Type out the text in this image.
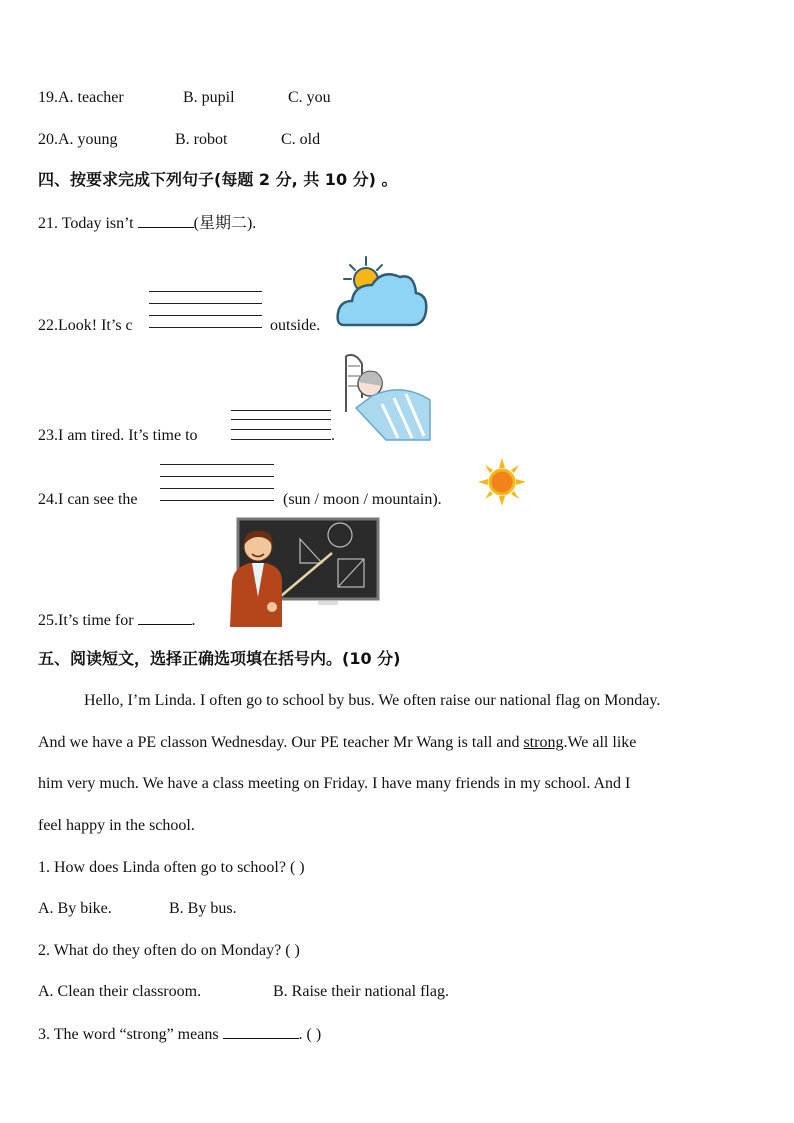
19.A. teacher	B. pupil	C. you
20.A. young	B. robot	C. old
四、按要求完成下列句子(每题 2 分, 共 10 分) 。
21. Today isn’t	(星期二).
22.Look! It’s c	outside.
23.I am tired. It’s time to	.
24.I can see the	(sun / moon / mountain).
25.It’s time for	.
五、阅读短文，选择正确选项填在括号内。(10 分)
Hello, I’m Linda. I often go to school by bus. We often raise our national flag on Monday.
And we have a PE classon Wednesday. Our PE teacher Mr Wang is tall and strong.We all like
him very much. We have a class meeting on Friday. I have many friends in my school. And I
feel happy in the school.
1. How does Linda often go to school? ( )
A. By bike.	B. By bus.
2. What do they often do on Monday? ( )
A. Clean their classroom.	B. Raise their national flag.
3. The word “strong” means	. ( )
